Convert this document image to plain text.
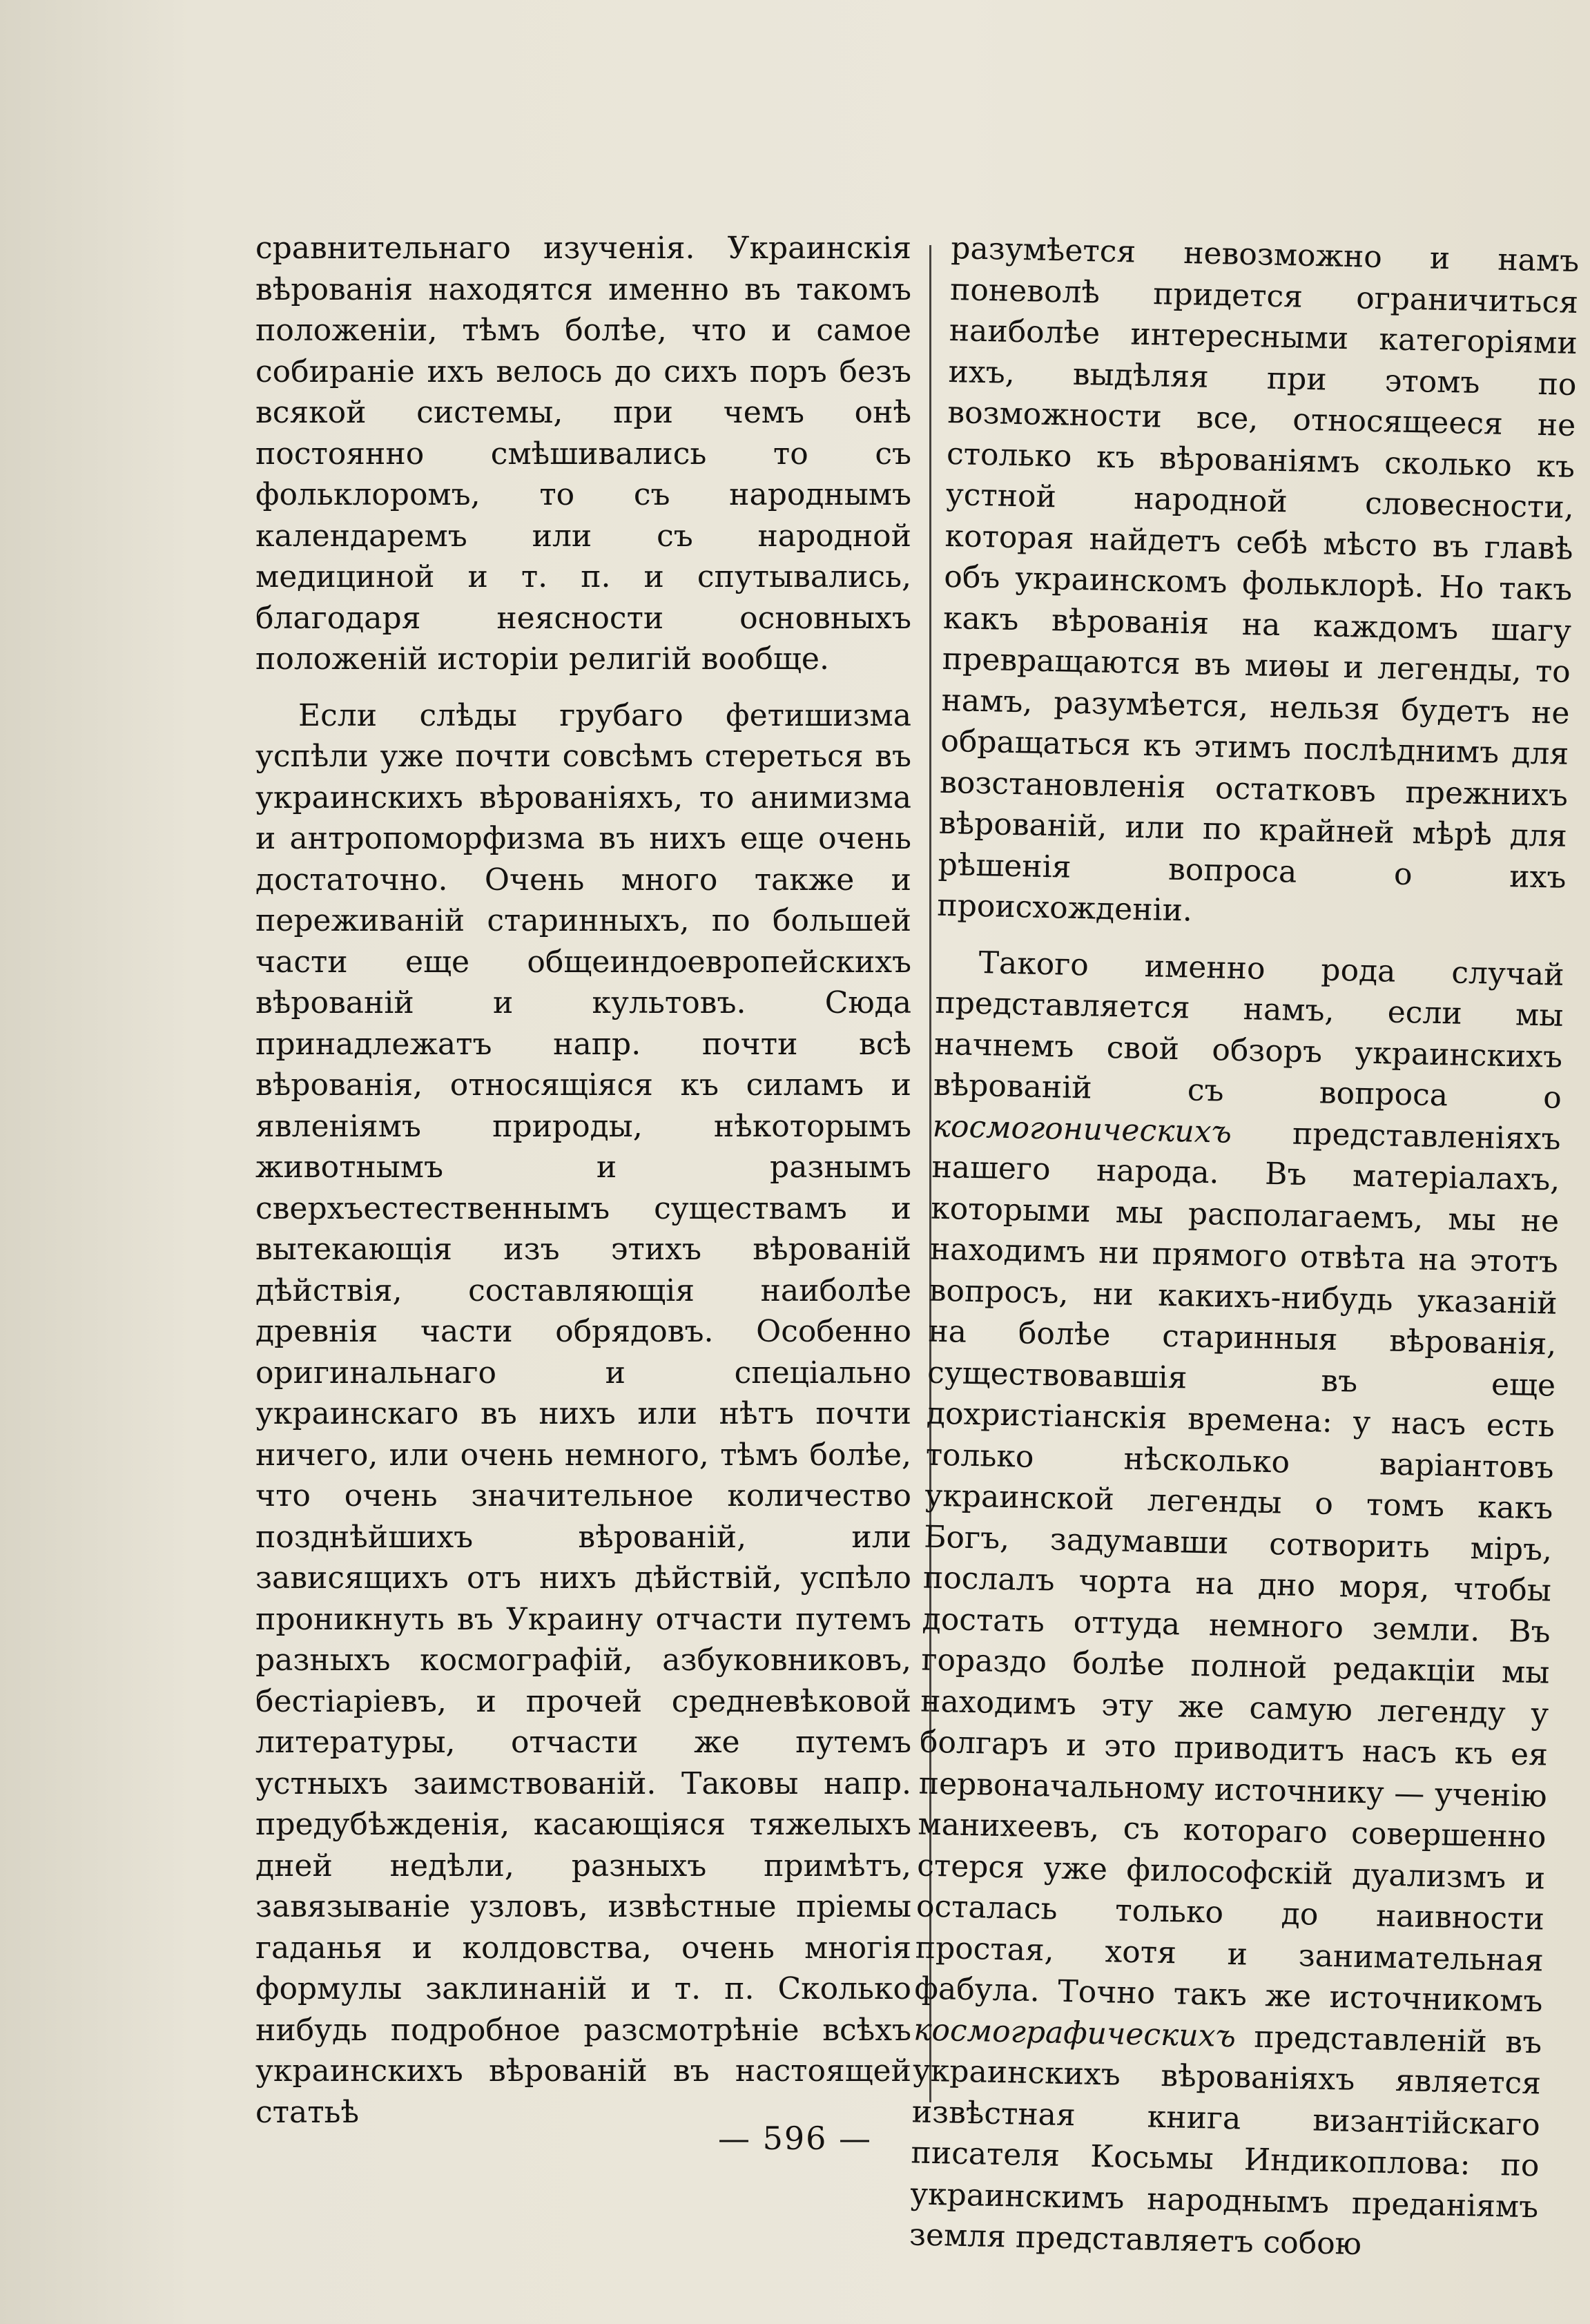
сравнительнаго изученія. Украинскія вѣрованія находятся именно въ такомъ положеніи, тѣмъ болѣе, что и самое собираніе ихъ велось до сихъ поръ безъ всякой системы, при чемъ онѣ постоянно смѣшивались то съ фольклоромъ, то съ народнымъ календаремъ или съ народной медициной и т. п. и спутывались, благодаря неясности основныхъ положеній исторіи религій вообще.

Если слѣды грубаго фетишизма успѣли уже почти совсѣмъ стереться въ украинскихъ вѣрованіяхъ, то анимизма и антропоморфизма въ нихъ еще очень достаточно. Очень много также и переживаній старинныхъ, по большей части еще общеиндоевропейскихъ вѣрованій и культовъ. Сюда принадлежатъ напр. почти всѣ вѣрованія, относящіяся къ силамъ и явленіямъ природы, нѣкоторымъ животнымъ и разнымъ сверхъестественнымъ существамъ и вытекающія изъ этихъ вѣрованій дѣйствія, составляющія наиболѣе древнія части обрядовъ. Особенно оригинальнаго и спеціально украинскаго въ нихъ или нѣтъ почти ничего, или очень немного, тѣмъ болѣе, что очень значительное количество позднѣйшихъ вѣрованій, или зависящихъ отъ нихъ дѣйствій, успѣло проникнуть въ Украину отчасти путемъ разныхъ космографій, азбуковниковъ, бестіаріевъ, и прочей средневѣковой литературы, отчасти же путемъ устныхъ заимствованій. Таковы напр. предубѣжденія, касающіяся тяжелыхъ дней недѣли, разныхъ примѣтъ, завязываніе узловъ, извѣстные пріемы гаданья и колдовства, очень многія формулы заклинаній и т. п. Сколько нибудь подробное разсмотрѣніе всѣхъ украинскихъ вѣрованій въ настоящей статьѣ

разумѣется невозможно и намъ поневолѣ придется ограничиться наиболѣе интересными категоріями ихъ, выдѣляя при этомъ по возможности все, относящееся не столько къ вѣрованіямъ сколько къ устной народной словесности, которая найдетъ себѣ мѣсто въ главѣ объ украинскомъ фольклорѣ. Но такъ какъ вѣрованія на каждомъ шагу превращаются въ миѳы и легенды, то намъ, разумѣется, нельзя будетъ не обращаться къ этимъ послѣднимъ для возстановленія остатковъ прежнихъ вѣрованій, или по крайней мѣрѣ для рѣшенія вопроса о ихъ происхожденіи.

Такого именно рода случай представляется намъ, если мы начнемъ свой обзоръ украинскихъ вѣрованій съ вопроса о космогоническихъ представленіяхъ нашего народа. Въ матеріалахъ, которыми мы располагаемъ, мы не находимъ ни прямого отвѣта на этотъ вопросъ, ни какихъ-нибудь указаній на болѣе старинныя вѣрованія, существовавшія въ еще дохристіанскія времена: у насъ есть только нѣсколько варіантовъ украинской легенды о томъ какъ Богъ, задумавши сотворить міръ, послалъ чорта на дно моря, чтобы достать оттуда немного земли. Въ гораздо болѣе полной редакціи мы находимъ эту же самую легенду у болгаръ и это приводитъ насъ къ ея первоначальному источнику — ученію манихеевъ, съ котораго совершенно стерся уже философскій дуализмъ и осталась только до наивности простая, хотя и занимательная фабула. Точно такъ же источникомъ космографическихъ представленій въ украинскихъ вѣрованіяхъ является извѣстная книга византійскаго писателя Косьмы Индикоплова: по украинскимъ народнымъ преданіямъ земля представляетъ собою

— 596 —
